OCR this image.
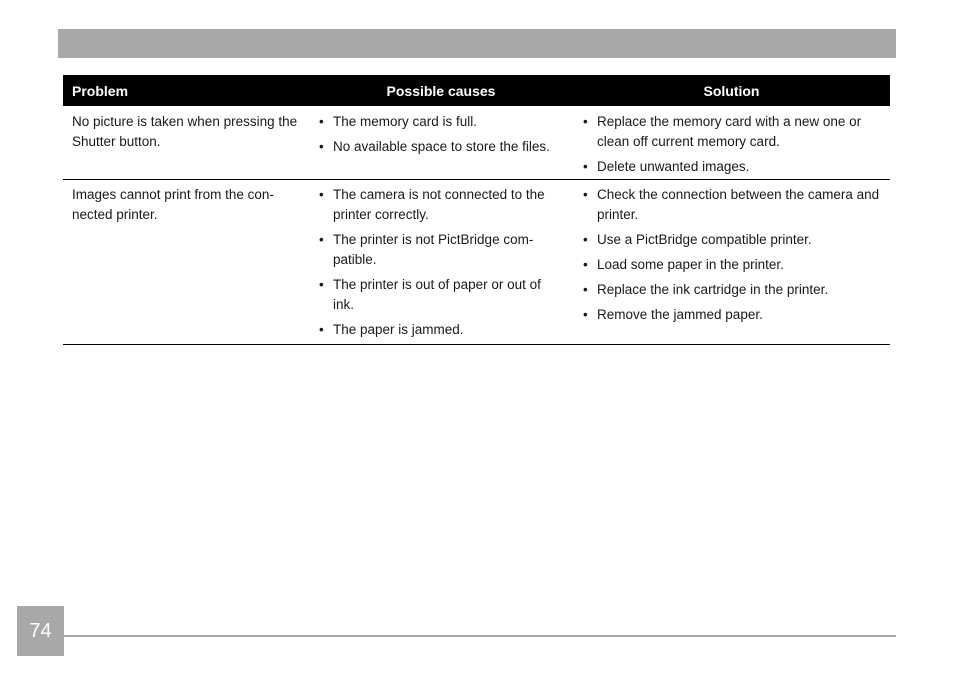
Problem	Possible causes	Solution
No picture is taken when pressing the Shutter button.
• The memory card is full.
• No available space to store the files.
• Replace the memory card with a new one or clean off current memory card.
• Delete unwanted images.
Images cannot print from the con- nected printer.
• The camera is not connected to the printer correctly.
• The printer is not PictBridge com- patible.
• The printer is out of paper or out of ink.
• The paper is jammed.
• Check the connection between the camera and printer.
• Use a PictBridge compatible printer.
• Load some paper in the printer.
• Replace the ink cartridge in the printer.
• Remove the jammed paper.
74
